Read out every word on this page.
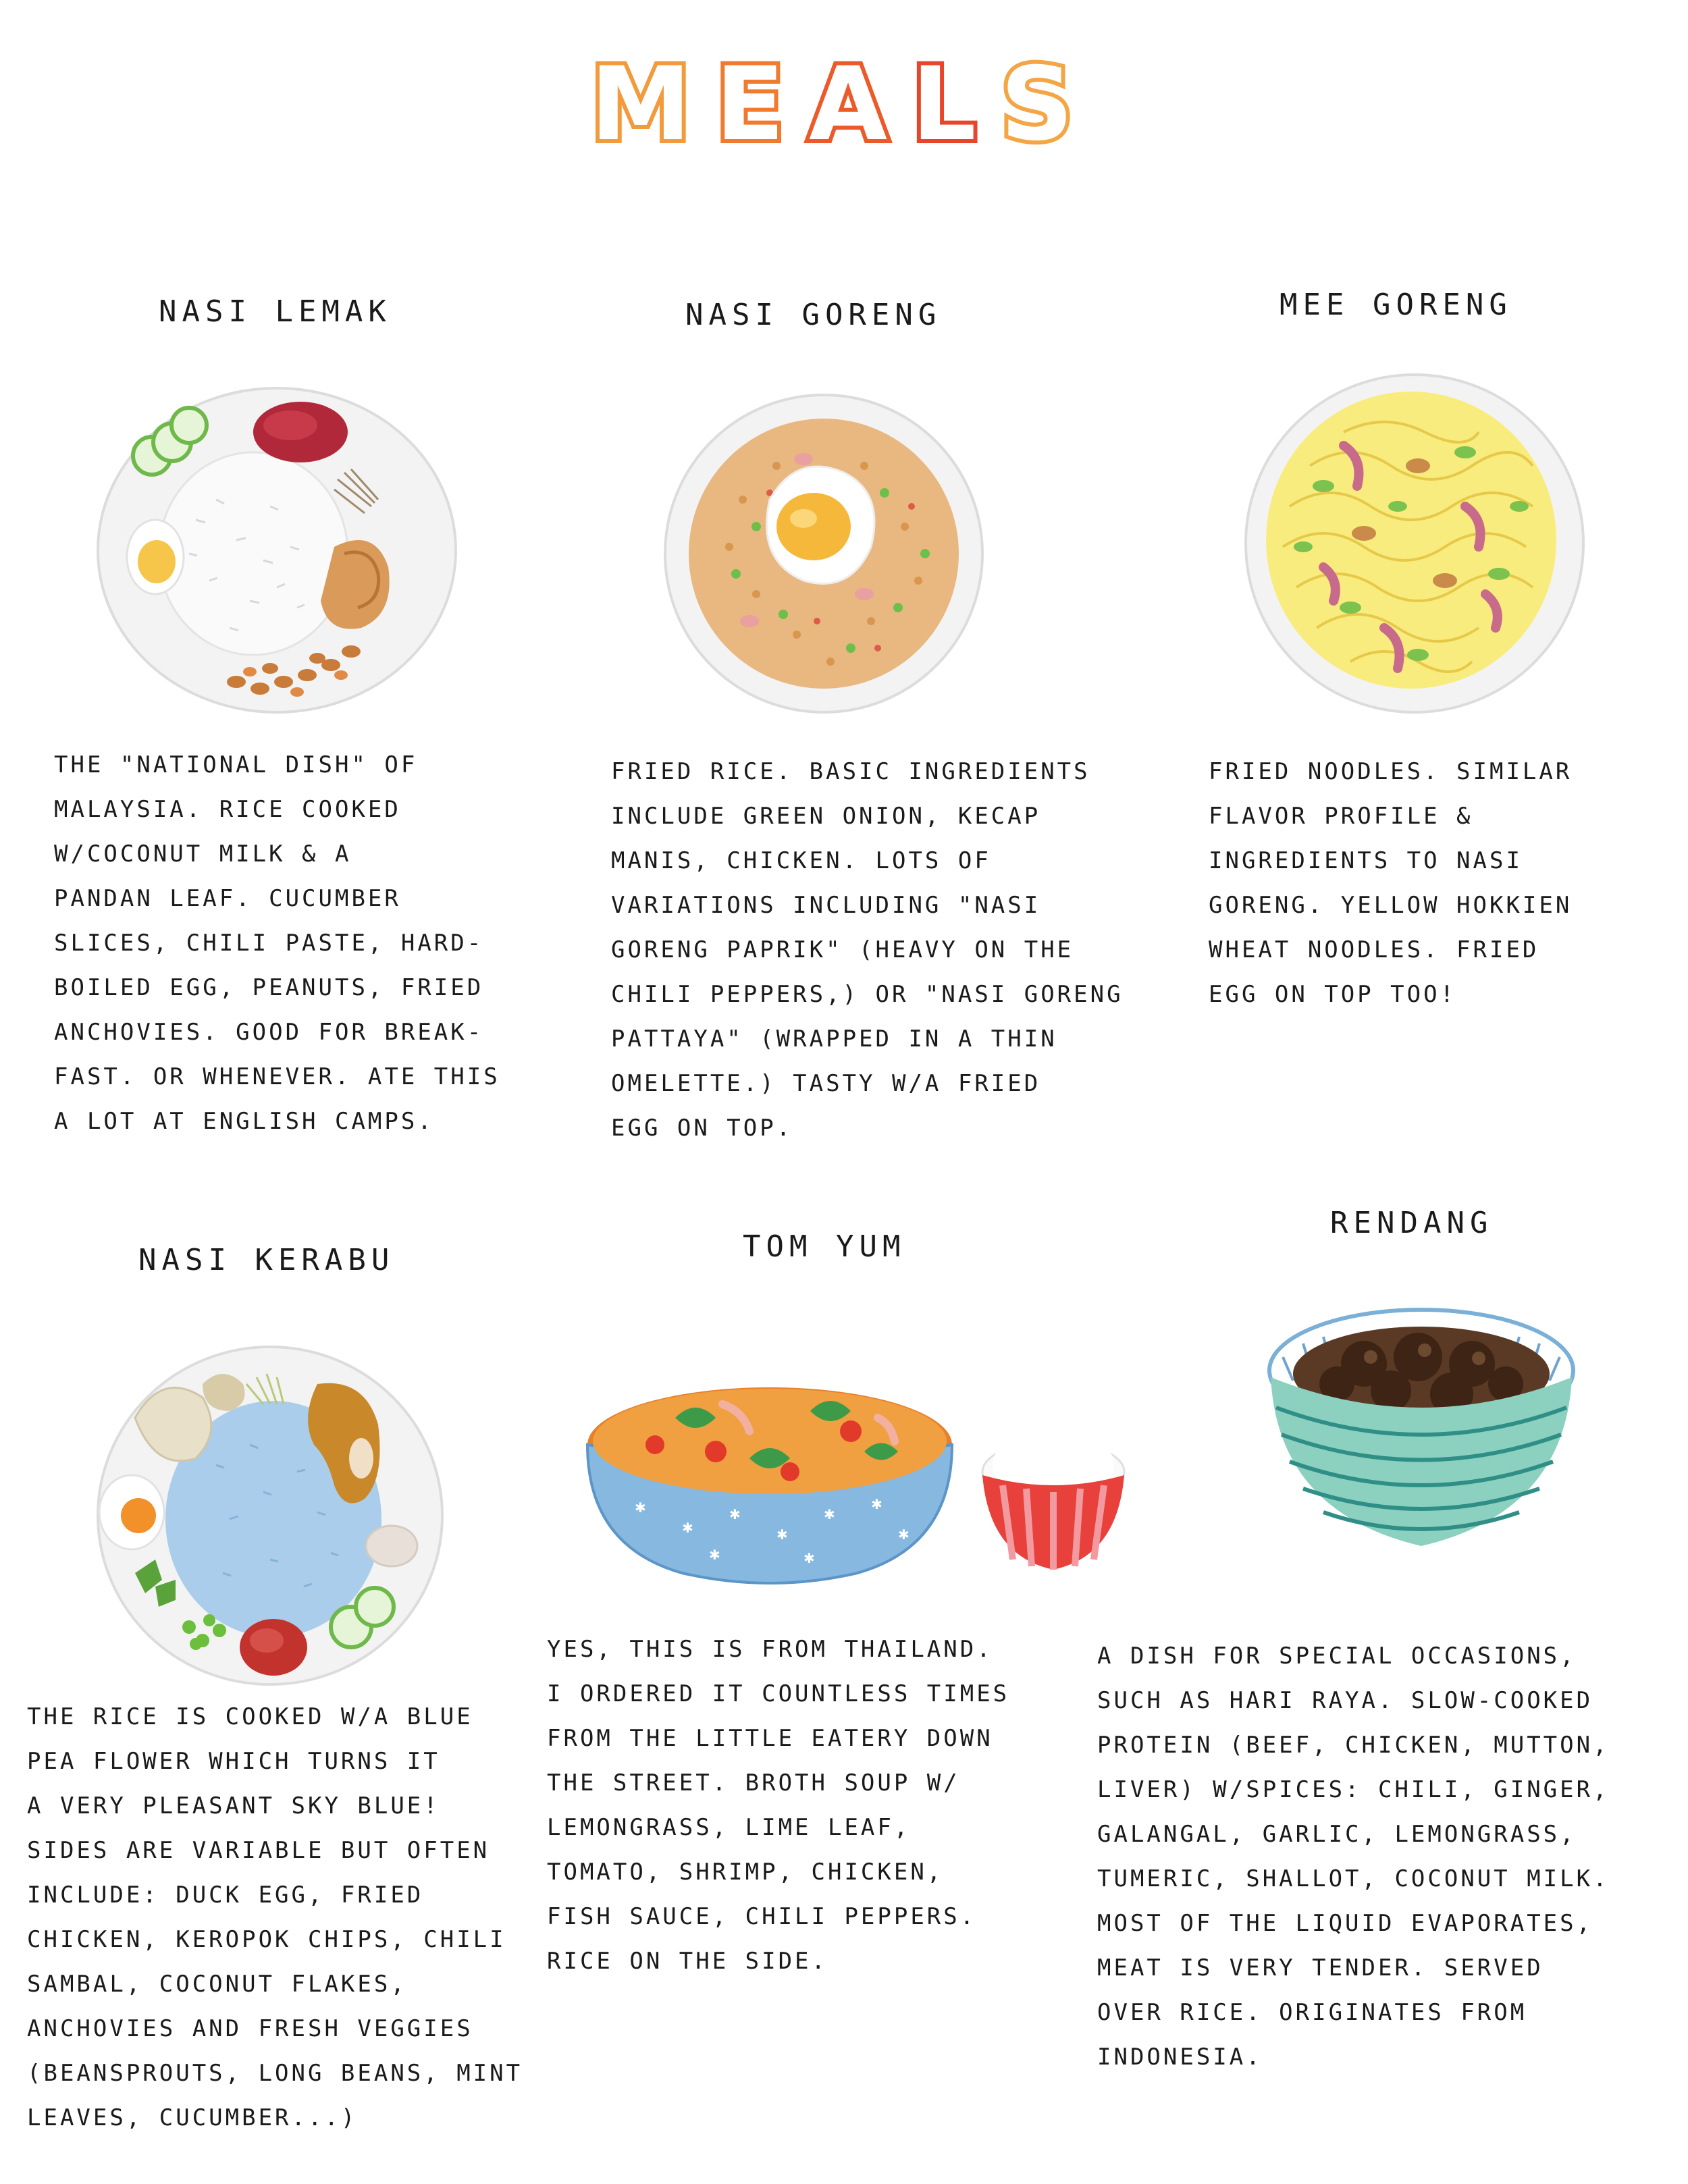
MEALS
NASI LEMAK
THE "NATIONAL DISH" OF
MALAYSIA. RICE COOKED
W/COCONUT MILK & A
PANDAN LEAF. CUCUMBER
SLICES, CHILI PASTE, HARD-
BOILED EGG, PEANUTS, FRIED
ANCHOVIES. GOOD FOR BREAK-
FAST. OR WHENEVER. ATE THIS
A LOT AT ENGLISH CAMPS.
NASI GORENG
FRIED RICE. BASIC INGREDIENTS
INCLUDE GREEN ONION, KECAP
MANIS, CHICKEN. LOTS OF
VARIATIONS INCLUDING "NASI
GORENG PAPRIK" (HEAVY ON THE
CHILI PEPPERS,) OR "NASI GORENG
PATTAYA" (WRAPPED IN A THIN
OMELETTE.) TASTY W/A FRIED
EGG ON TOP.
MEE GORENG
FRIED NOODLES. SIMILAR
FLAVOR PROFILE &
INGREDIENTS TO NASI
GORENG. YELLOW HOKKIEN
WHEAT NOODLES. FRIED
EGG ON TOP TOO!
NASI KERABU
THE RICE IS COOKED W/A BLUE
PEA FLOWER WHICH TURNS IT
A VERY PLEASANT SKY BLUE!
SIDES ARE VARIABLE BUT OFTEN
INCLUDE: DUCK EGG, FRIED
CHICKEN, KEROPOK CHIPS, CHILI
SAMBAL, COCONUT FLAKES,
ANCHOVIES AND FRESH VEGGIES
(BEANSPROUTS, LONG BEANS, MINT
LEAVES, CUCUMBER...)
TOM YUM
✱
✱
✱
✱
✱
✱
✱	✱
✱
YES, THIS IS FROM THAILAND.
I ORDERED IT COUNTLESS TIMES
FROM THE LITTLE EATERY DOWN
THE STREET. BROTH SOUP W/
LEMONGRASS, LIME LEAF,
TOMATO, SHRIMP, CHICKEN,
FISH SAUCE, CHILI PEPPERS.
RICE ON THE SIDE.
RENDANG
A DISH FOR SPECIAL OCCASIONS,
SUCH AS HARI RAYA. SLOW-COOKED
PROTEIN (BEEF, CHICKEN, MUTTON,
LIVER) W/SPICES: CHILI, GINGER,
GALANGAL, GARLIC, LEMONGRASS,
TUMERIC, SHALLOT, COCONUT MILK.
MOST OF THE LIQUID EVAPORATES,
MEAT IS VERY TENDER. SERVED
OVER RICE. ORIGINATES FROM
INDONESIA.
